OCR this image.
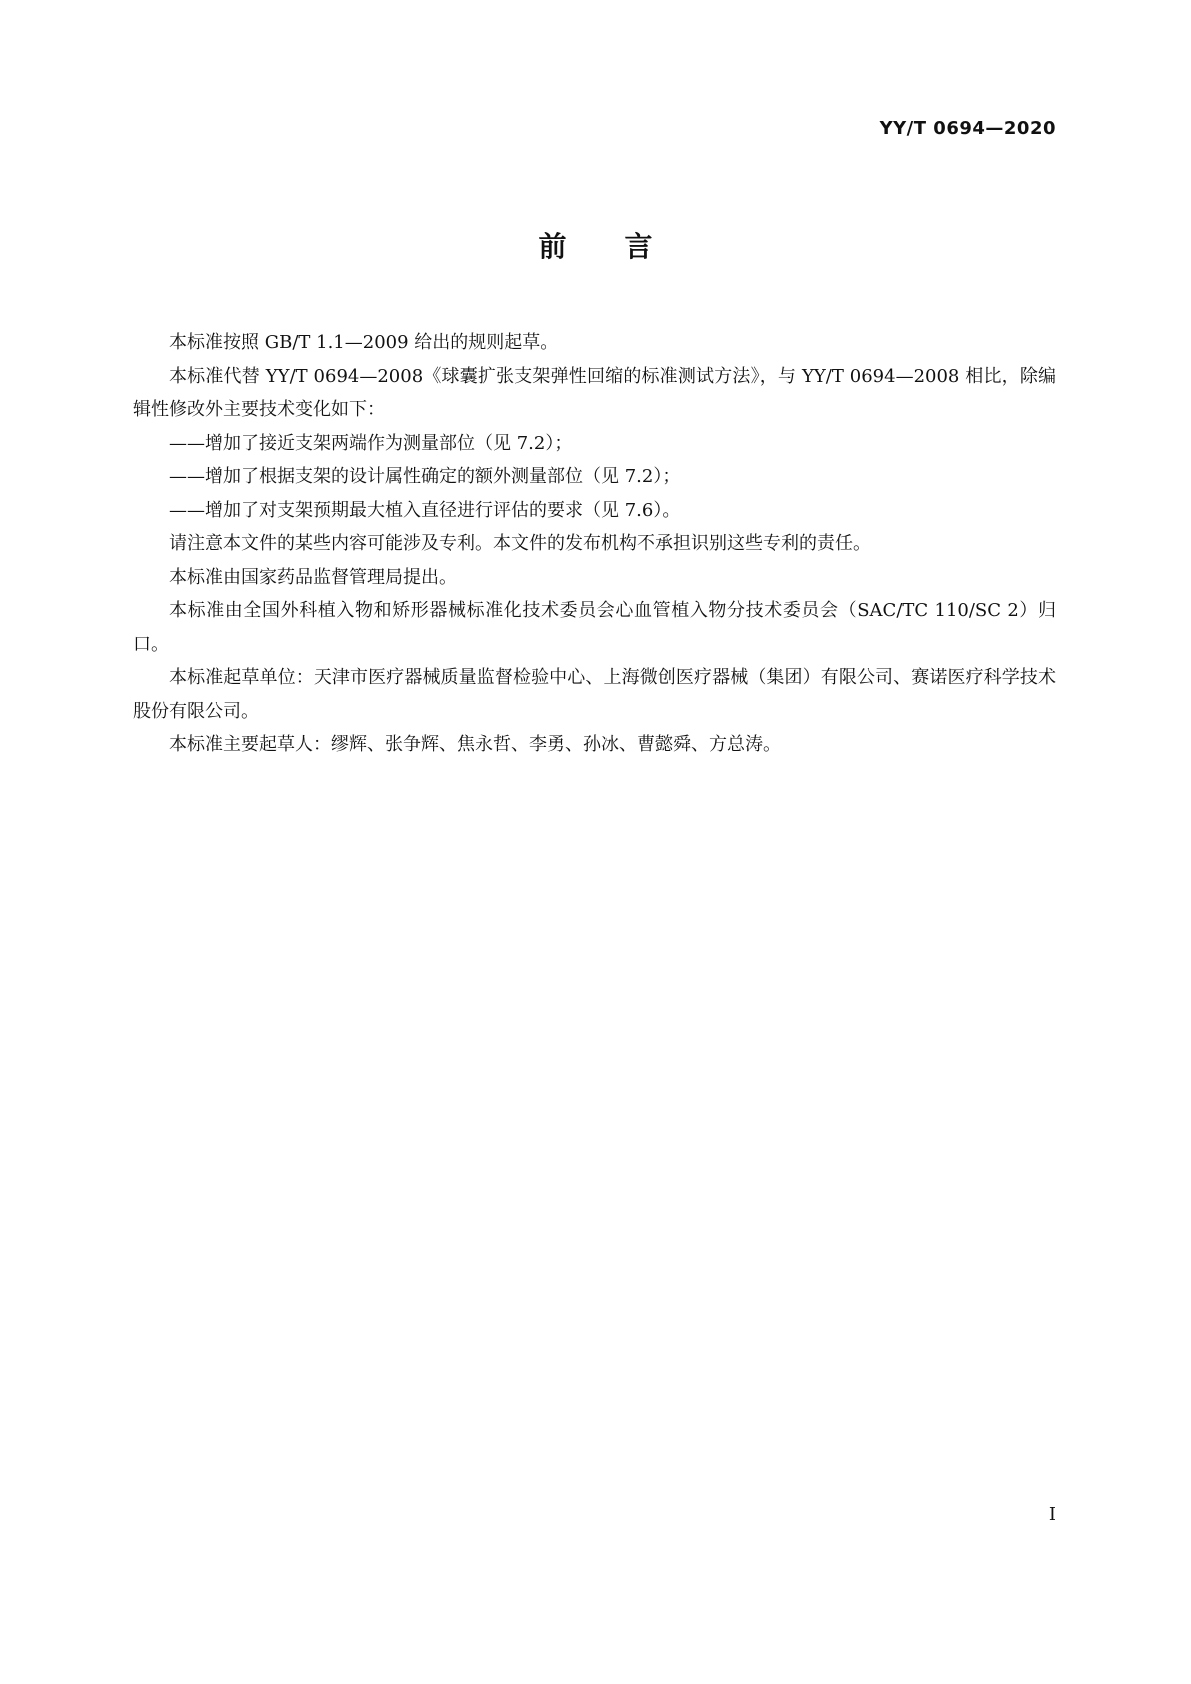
YY/T 0694—2020
前言

本标准按照 GB/T 1.1—2009 给出的规则起草。

本标准代替 YY/T 0694—2008《球囊扩张支架弹性回缩的标准测试方法》，与 YY/T 0694—2008 相比，除编辑性修改外主要技术变化如下：

——增加了接近支架两端作为测量部位（见 7.2）；

——增加了根据支架的设计属性确定的额外测量部位（见 7.2）；

——增加了对支架预期最大植入直径进行评估的要求（见 7.6）。

请注意本文件的某些内容可能涉及专利。本文件的发布机构不承担识别这些专利的责任。

本标准由国家药品监督管理局提出。

本标准由全国外科植入物和矫形器械标准化技术委员会心血管植入物分技术委员会（SAC/TC 110/SC 2）归口。

本标准起草单位：天津市医疗器械质量监督检验中心、上海微创医疗器械（集团）有限公司、赛诺医疗科学技术股份有限公司。

本标准主要起草人：缪辉、张争辉、焦永哲、李勇、孙冰、曹懿舜、方总涛。

I
